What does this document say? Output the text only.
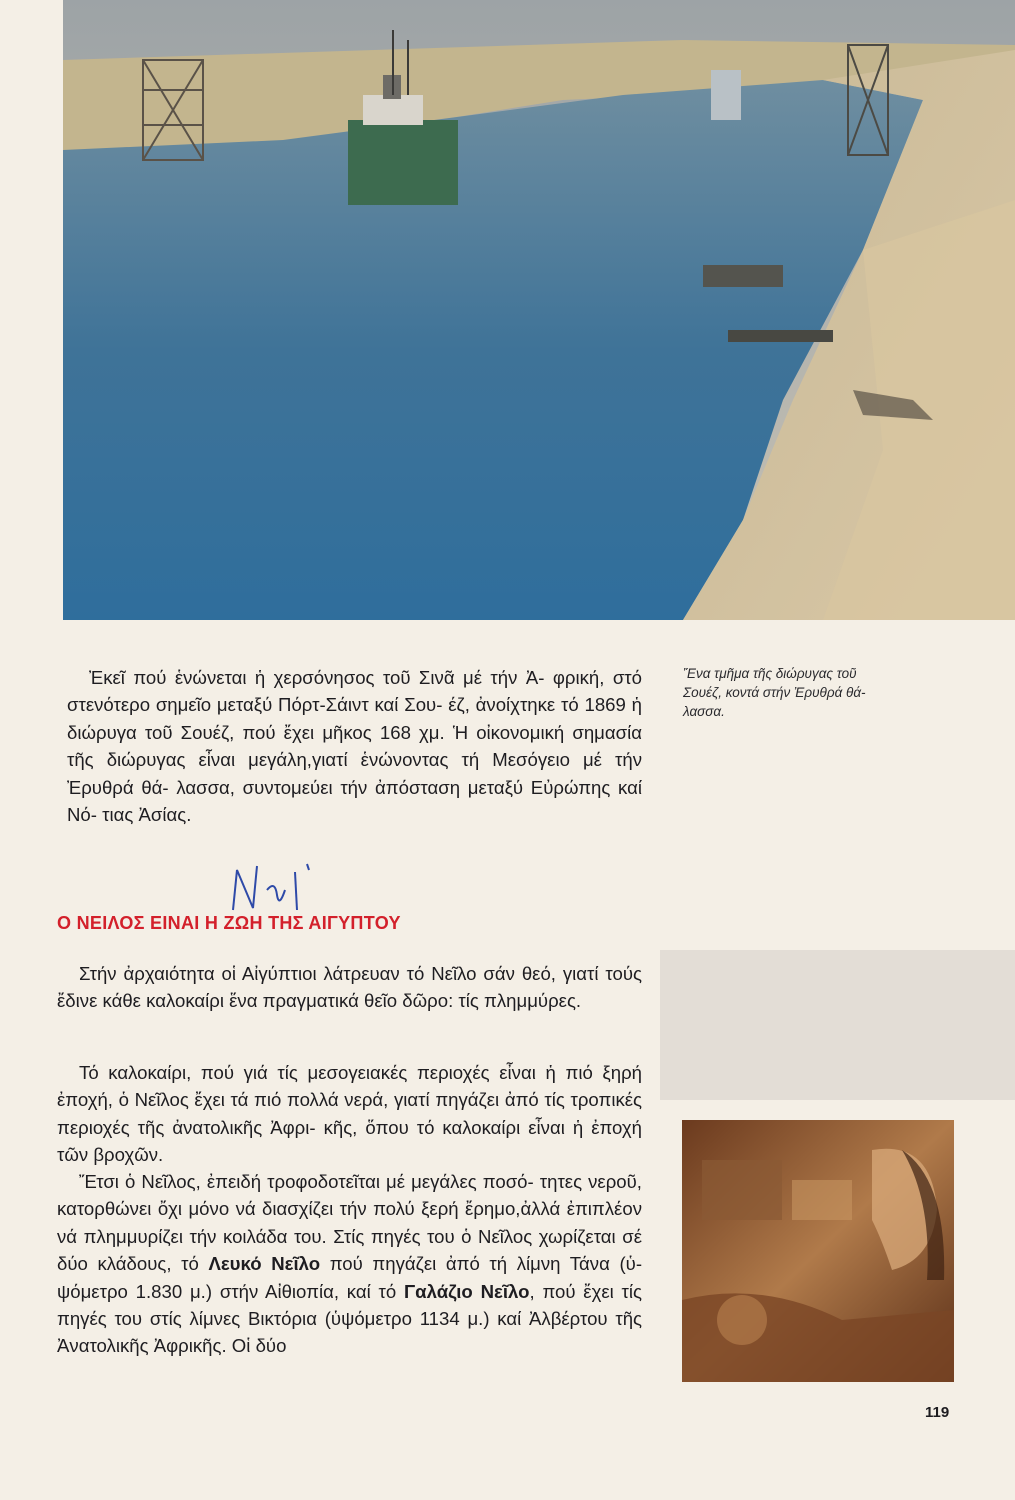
Ἕνα τμῆμα τῆς διώρυγας τοῦ
Σουέζ, κοντά στήν Ἐρυθρά θά-
λασσα.

Ἐκεῖ πού ἑνώνεται ἡ χερσόνησος τοῦ Σινᾶ μέ τήν Ἀ- φρική, στό στενότερο σημεῖο μεταξύ Πόρτ-Σάιντ καί Σου- έζ, ἀνοίχτηκε τό 1869 ἡ διώρυγα τοῦ Σουέζ, πού ἔχει μῆκος 168 χμ. Ἡ οἰκονομική σημασία τῆς διώρυγας εἶναι μεγάλη,γιατί ἑνώνοντας τή Μεσόγειο μέ τήν Ἐρυθρά θά- λασσα, συντομεύει τήν ἀπόσταση μεταξύ Εὐρώπης καί Νό- τιας Ἀσίας.

Ο ΝΕΙΛΟΣ ΕΙΝΑΙ Η ΖΩΗ ΤΗΣ ΑΙΓΥΠΤΟΥ

Στήν ἀρχαιότητα οἱ Αἰγύπτιοι λάτρευαν τό Νεῖλο σάν θεό, γιατί τούς ἔδινε κάθε καλοκαίρι ἕνα πραγματικά θεῖο δῶρο: τίς πλημμύρες.

Τό καλοκαίρι, πού γιά τίς μεσογειακές περιοχές εἶναι ἡ πιό ξηρή ἐποχή, ὁ Νεῖλος ἔχει τά πιό πολλά νερά, γιατί πηγάζει ἀπό τίς τροπικές περιοχές τῆς ἀνατολικῆς Ἀφρι- κῆς, ὅπου τό καλοκαίρι εἶναι ἡ ἐποχή τῶν βροχῶν.

Ἔτσι ὁ Νεῖλος, ἐπειδή τροφοδοτεῖται μέ μεγάλες ποσό- τητες νεροῦ, κατορθώνει ὄχι μόνο νά διασχίζει τήν πολύ ξερή ἔρημο,ἀλλά ἐπιπλέον νά πλημμυρίζει τήν κοιλάδα του. Στίς πηγές του ὁ Νεῖλος χωρίζεται σέ δύο κλάδους, τό Λευκό Νεῖλο πού πηγάζει ἀπό τή λίμνη Τάνα (ὑ- ψόμετρο 1.830 μ.) στήν Αἰθιοπία, καί τό Γαλάζιο Νεῖλο, πού ἔχει τίς πηγές του στίς λίμνες Βικτόρια (ὑψόμετρο 1134 μ.) καί Ἀλβέρτου τῆς Ἀνατολικῆς Ἀφρικῆς. Οἱ δύο

119
